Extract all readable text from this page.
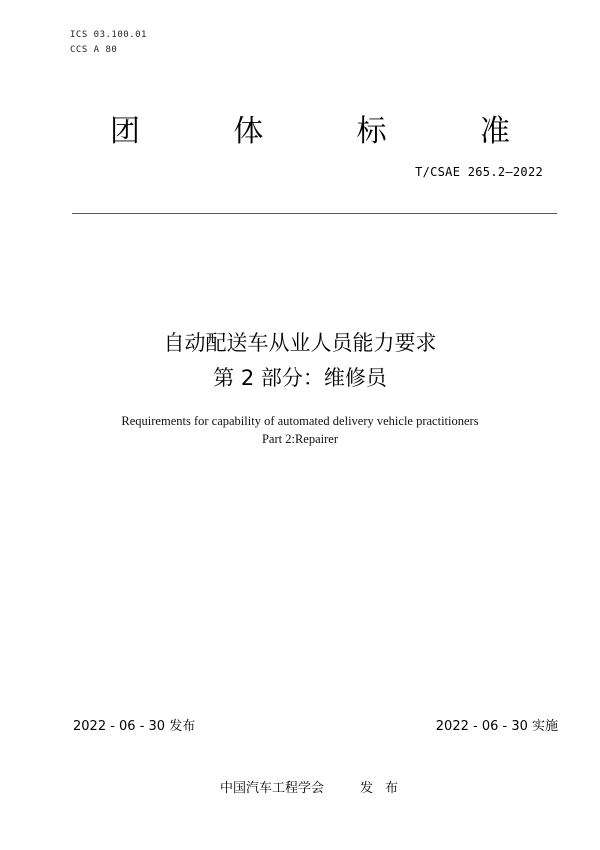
ICS 03.100.01
CCS A 80
团	体	标	准
T/CSAE 265.2—2022
自动配送车从业人员能力要求
第 2 部分：维修员
Requirements for capability of automated delivery vehicle practitioners
Part 2:Repairer
2022 - 06 - 30 发布	2022 - 06 - 30 实施
中国汽车工程学会	发布
